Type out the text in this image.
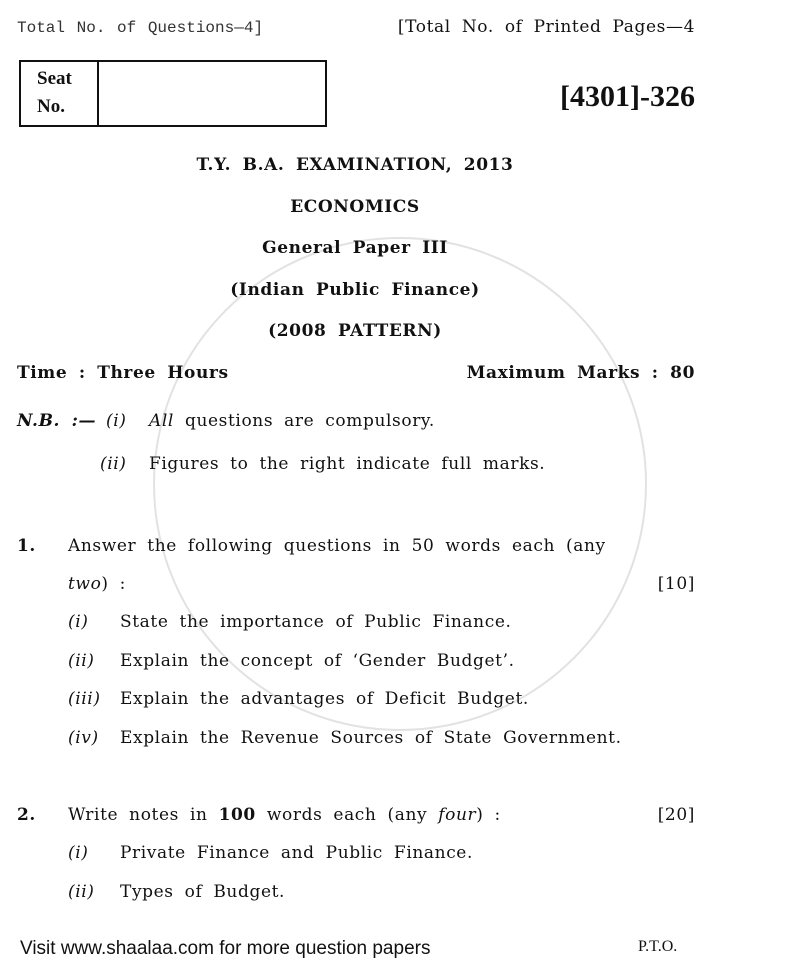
Total No. of Questions—4]	[Total No. of Printed Pages—4
Seat
No.	[4301]-326
T.Y. B.A. EXAMINATION, 2013
ECONOMICS
General Paper III
(Indian Public Finance)
(2008 PATTERN)
Time : Three Hours	Maximum Marks : 80
N.B. :— (i) All questions are compulsory.
(ii) Figures to the right indicate full marks.
1. Answer the following questions in 50 words each (any
two) :	[10]
(i) State the importance of Public Finance.
(ii) Explain the concept of ‘Gender Budget’.
(iii) Explain the advantages of Deficit Budget.
(iv) Explain the Revenue Sources of State Government.
2. Write notes in 100 words each (any four) :	[20]
(i) Private Finance and Public Finance.
(ii) Types of Budget.
Visit www.shaalaa.com for more question papers	P.T.O.
